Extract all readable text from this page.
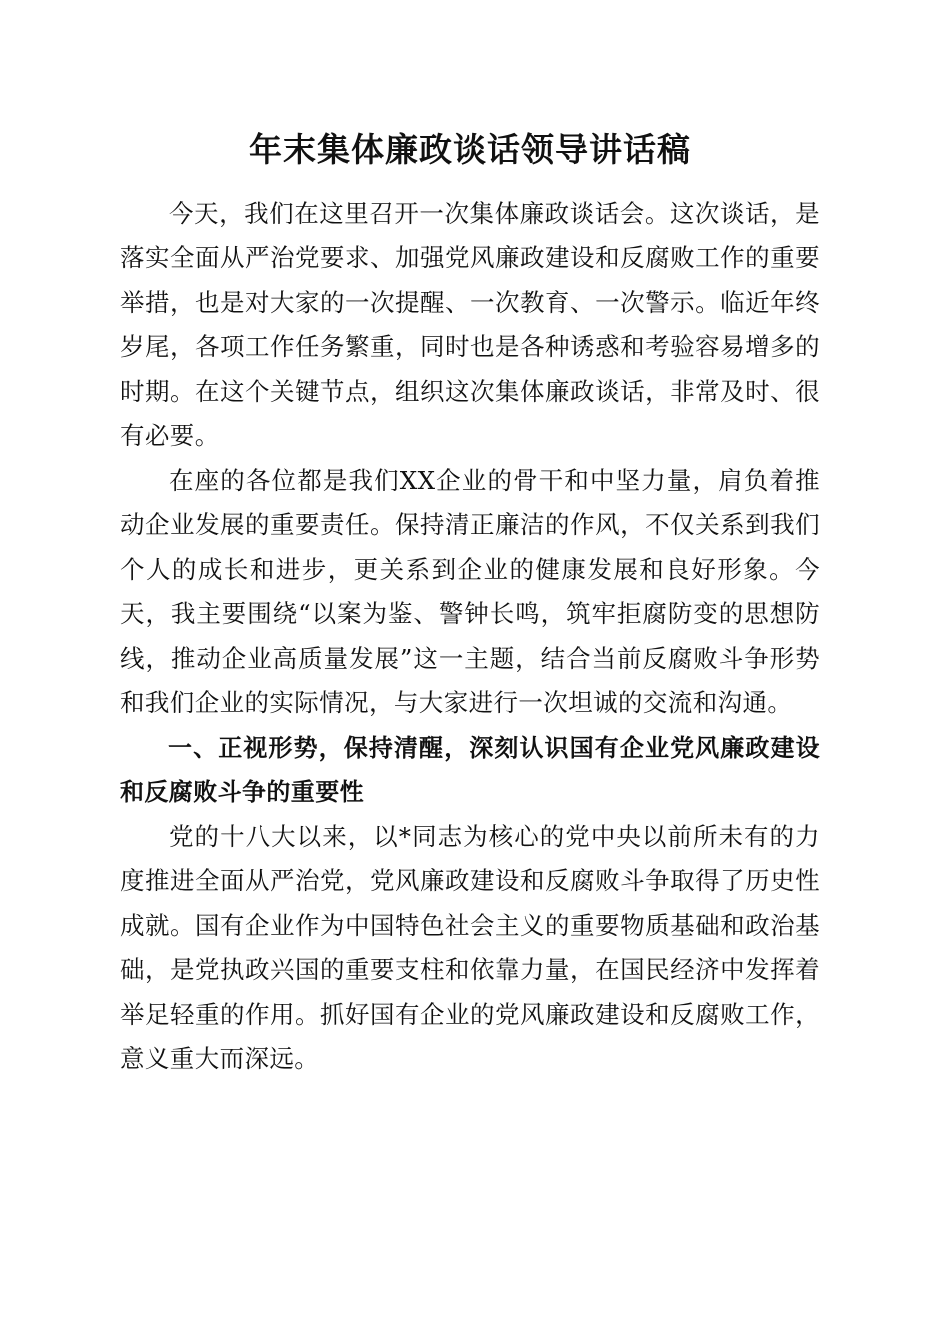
年末集体廉政谈话领导讲话稿

今天，我们在这里召开一次集体廉政谈话会。这次谈话，是落实全面从严治党要求、加强党风廉政建设和反腐败工作的重要举措，也是对大家的一次提醒、一次教育、一次警示。临近年终岁尾，各项工作任务繁重，同时也是各种诱惑和考验容易增多的时期。在这个关键节点，组织这次集体廉政谈话，非常及时、很有必要。

在座的各位都是我们XX企业的骨干和中坚力量，肩负着推动企业发展的重要责任。保持清正廉洁的作风，不仅关系到我们个人的成长和进步，更关系到企业的健康发展和良好形象。今天，我主要围绕“以案为鉴、警钟长鸣，筑牢拒腐防变的思想防线，推动企业高质量发展”这一主题，结合当前反腐败斗争形势和我们企业的实际情况，与大家进行一次坦诚的交流和沟通。

一、正视形势，保持清醒，深刻认识国有企业党风廉政建设和反腐败斗争的重要性

党的十八大以来，以*同志为核心的党中央以前所未有的力度推进全面从严治党，党风廉政建设和反腐败斗争取得了历史性成就。国有企业作为中国特色社会主义的重要物质基础和政治基础，是党执政兴国的重要支柱和依靠力量，在国民经济中发挥着举足轻重的作用。抓好国有企业的党风廉政建设和反腐败工作，意义重大而深远。
